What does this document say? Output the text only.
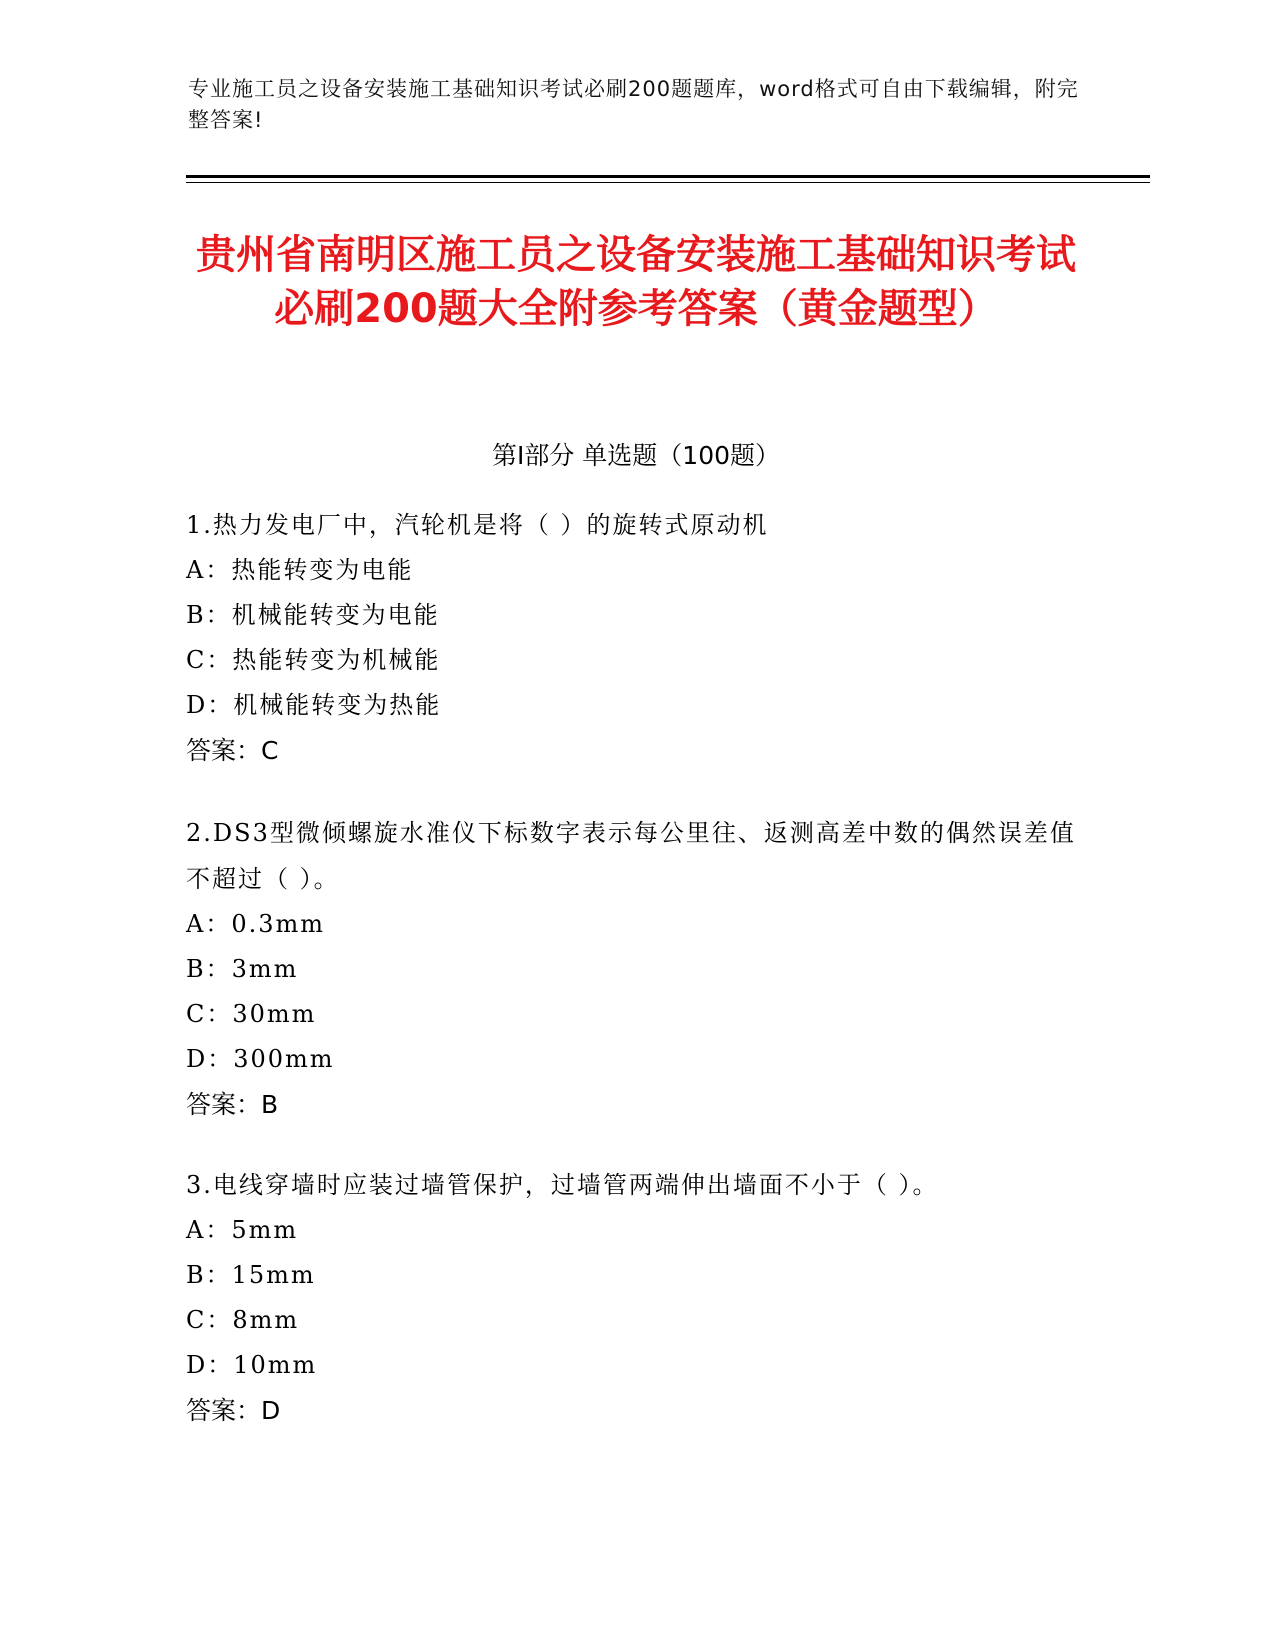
专业施工员之设备安装施工基础知识考试必刷200题题库，word格式可自由下载编辑，附完整答案!
贵州省南明区施工员之设备安装施工基础知识考试必刷200题大全附参考答案（黄金题型）
第I部分 单选题（100题）
1.热力发电厂中，汽轮机是将（ ）的旋转式原动机
A：热能转变为电能
B：机械能转变为电能
C：热能转变为机械能
D：机械能转变为热能
答案：C
2.DS3型微倾螺旋水准仪下标数字表示每公里往、返测高差中数的偶然误差值不超过（ ）。
A：0.3mm
B：3mm
C：30mm
D：300mm
答案：B
3.电线穿墙时应装过墙管保护，过墙管两端伸出墙面不小于（ ）。
A：5mm
B：15mm
C：8mm
D：10mm
答案：D
